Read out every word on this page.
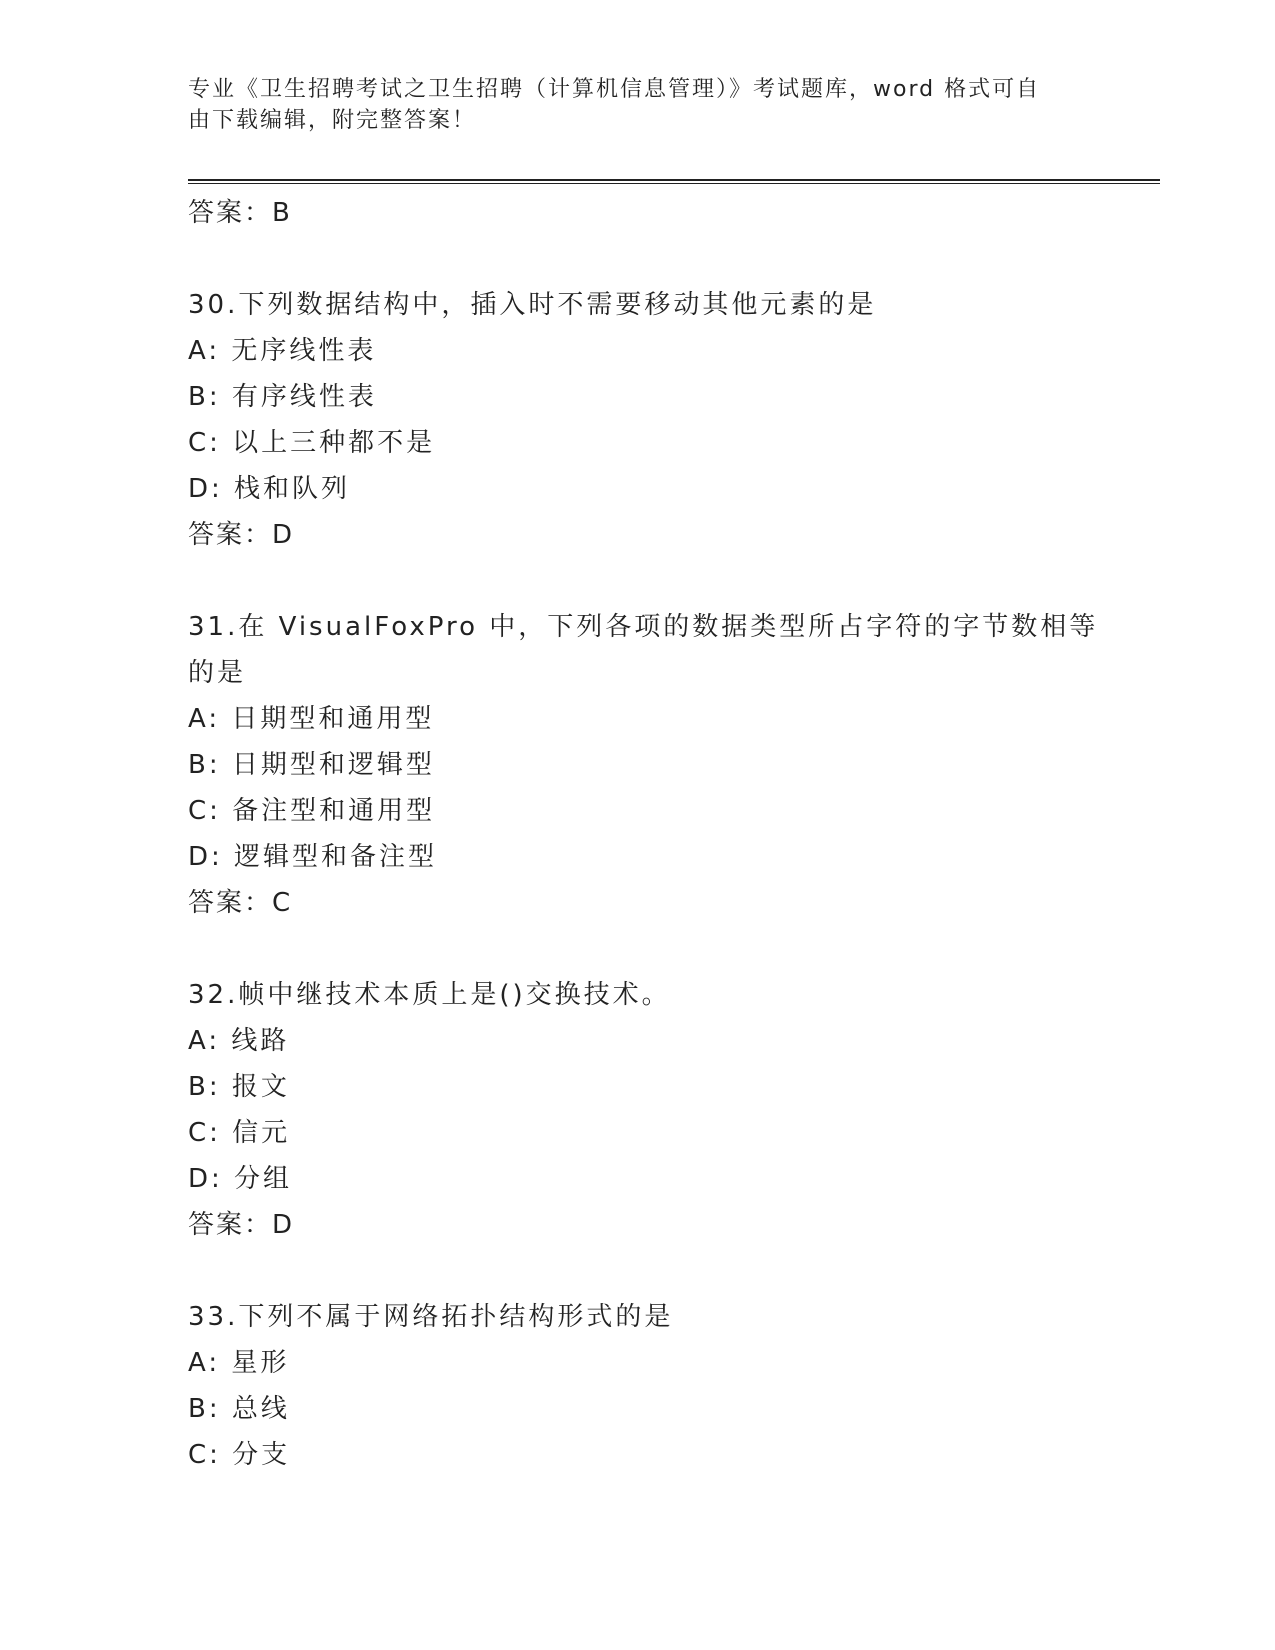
专业《卫生招聘考试之卫生招聘（计算机信息管理）》考试题库，word 格式可自
由下载编辑，附完整答案！
答案：B
30.下列数据结构中，插入时不需要移动其他元素的是
A: 无序线性表
B: 有序线性表
C: 以上三种都不是
D: 栈和队列
答案：D
31.在 VisualFoxPro 中，下列各项的数据类型所占字符的字节数相等
的是
A: 日期型和通用型
B: 日期型和逻辑型
C: 备注型和通用型
D: 逻辑型和备注型
答案：C
32.帧中继技术本质上是()交换技术。
A: 线路
B: 报文
C: 信元
D: 分组
答案：D
33.下列不属于网络拓扑结构形式的是
A: 星形
B: 总线
C: 分支
